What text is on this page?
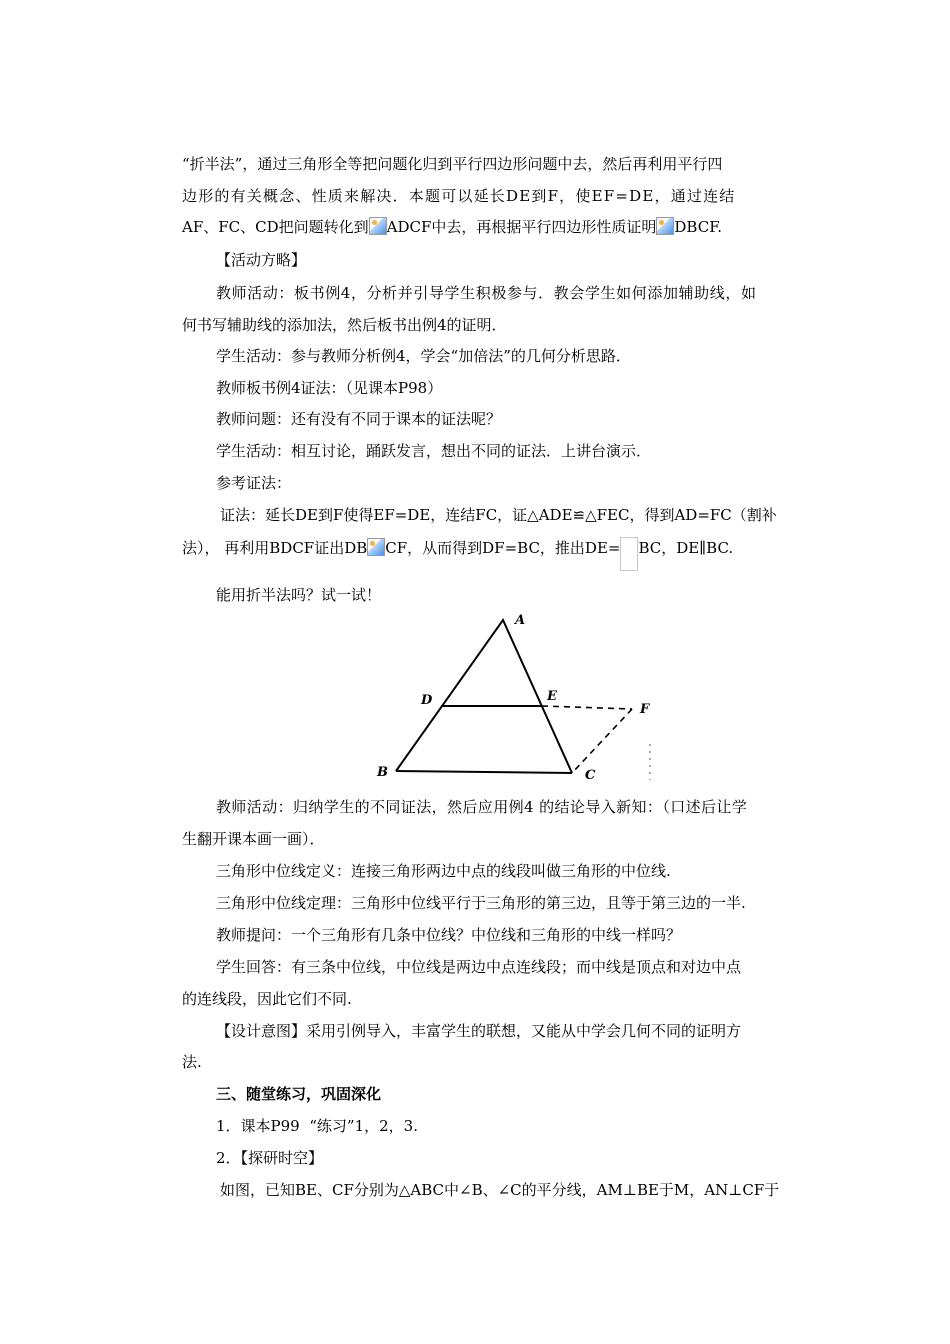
“折半法”，通过三角形全等把问题化归到平行四边形问题中去，然后再利用平行四
边形的有关概念、性质来解决．本题可以延长DE到F，使EF=DE，通过连结
AF、FC、CD把问题转化到 ADCF中去，再根据平行四边形性质证明 DBCF.
【活动方略】
教师活动：板书例4，分析并引导学生积极参与．教会学生如何添加辅助线，如
何书写辅助线的添加法，然后板书出例4的证明．
学生活动：参与教师分析例4，学会“加倍法”的几何分析思路．
教师板书例4证法：（见课本P98）
教师问题：还有没有不同于课本的证法呢？
学生活动：相互讨论，踊跃发言，想出不同的证法．上讲台演示．
参考证法：
证法：延长DE到F使得EF=DE，连结FC，证△ADE≌△FEC，得到AD=FC（割补
法）， 再利用BDCF证出DB CF，从而得到DF=BC，推出DE= BC，DE∥BC.
能用折半法吗？试一试！
A
B	C
D	E
F
教师活动：归纳学生的不同证法，然后应用例4 的结论导入新知：（口述后让学
生翻开课本画一画）．
三角形中位线定义：连接三角形两边中点的线段叫做三角形的中位线.
三角形中位线定理：三角形中位线平行于三角形的第三边，且等于第三边的一半.
教师提问：一个三角形有几条中位线？中位线和三角形的中线一样吗？
学生回答：有三条中位线，中位线是两边中点连线段；而中线是顶点和对边中点
的连线段，因此它们不同.
【设计意图】采用引例导入，丰富学生的联想，又能从中学会几何不同的证明方
法.
三、随堂练习，巩固深化
1．课本P99  “练习”1，2，3.
2．【探研时空】
如图，已知BE、CF分别为△ABC中∠B、∠C的平分线，AM⊥BE于M，AN⊥CF于
